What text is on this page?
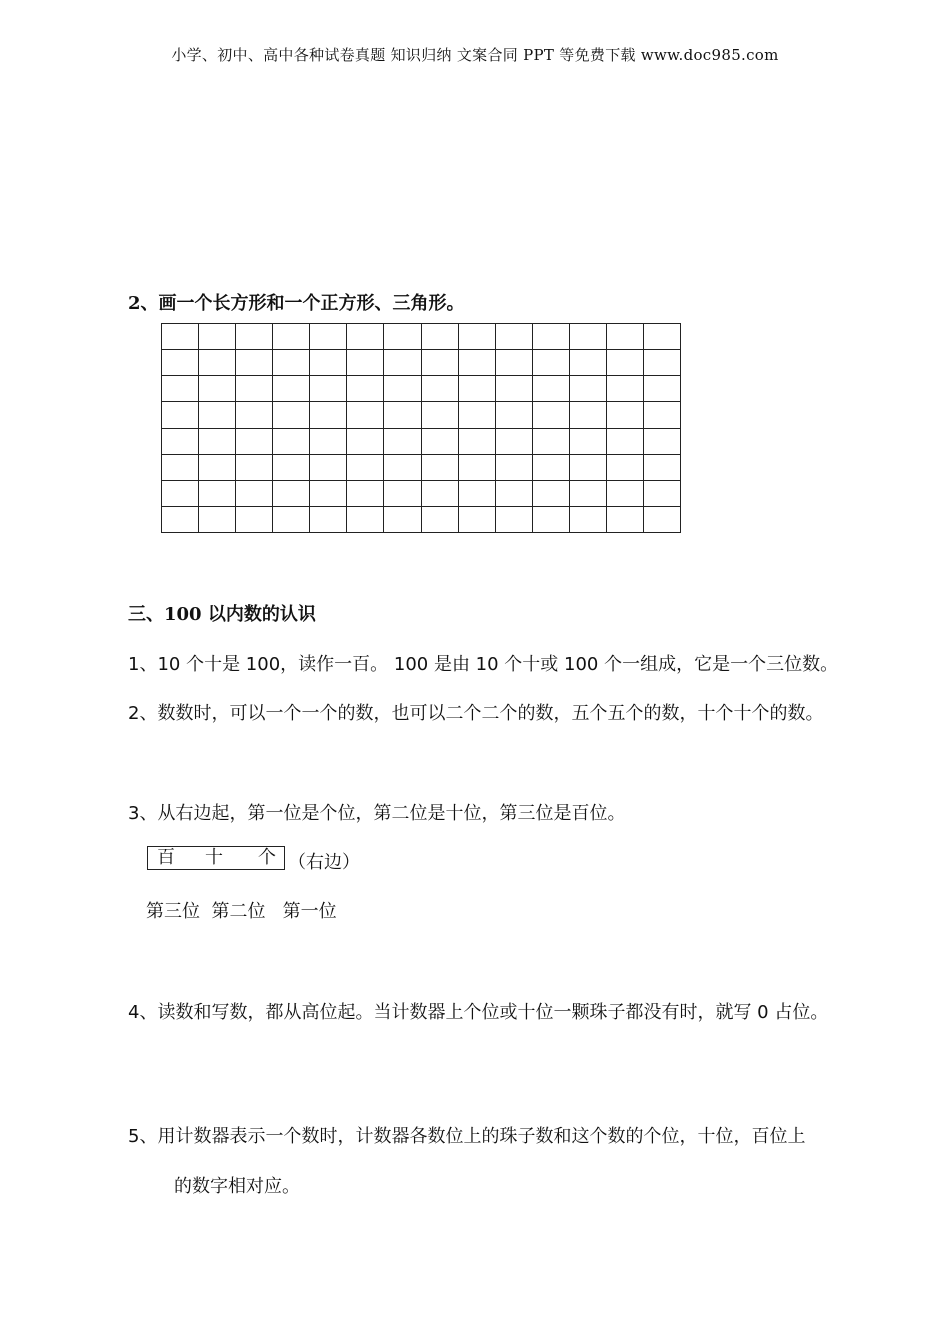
小学、初中、高中各种试卷真题 知识归纳 文案合同 PPT 等免费下载 www.doc985.com
2、画一个长方形和一个正方形、三角形。
三、100 以内数的认识
1、10 个十是 100，读作一百。 100 是由 10 个十或 100 个一组成，它是一个三位数。
2、数数时，可以一个一个的数，也可以二个二个的数，五个五个的数，十个十个的数。
3、从右边起，第一位是个位，第二位是十位，第三位是百位。
百 十 个 （右边）
第三位  第二位   第一位
4、读数和写数，都从高位起。当计数器上个位或十位一颗珠子都没有时，就写 0 占位。
5、用计数器表示一个数时，计数器各数位上的珠子数和这个数的个位，十位，百位上
的数字相对应。
